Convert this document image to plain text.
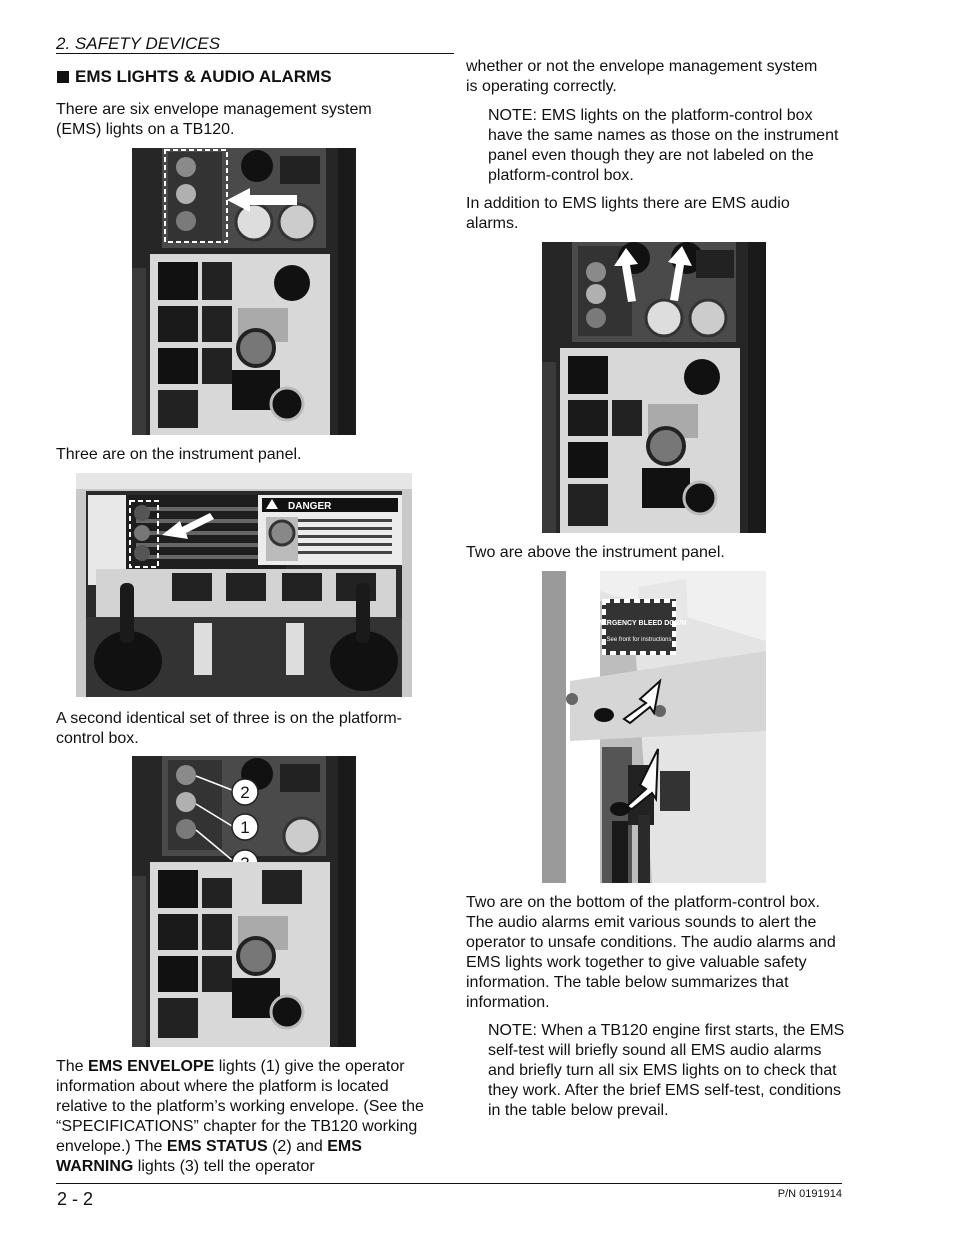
2. SAFETY DEVICES
EMS LIGHTS & AUDIO ALARMS
There are six envelope management system (EMS) lights on a TB120.
Three are on the instrument panel.
DANGER
A second identical set of three is on the platform-control box.
2
1
The EMS ENVELOPE lights (1) give the operator information about where the platform is located relative to the platform’s working envelope. (See the “SPECIFICATIONS” chapter for the TB120 working envelope.) The EMS STATUS (2) and EMS WARNING lights (3) tell the operator
whether or not the envelope management system is operating correctly.
NOTE: EMS lights on the platform-control box have the same names as those on the instrument panel even though they are not labeled on the platform-control box.
In addition to EMS lights there are EMS audio alarms.
Two are above the instrument panel.
EMERGENCY BLEED DOWN
See front for instructions
Two are on the bottom of the platform-control box. The audio alarms emit various sounds to alert the operator to unsafe conditions. The audio alarms and EMS lights work together to give valuable safety information. The table below summarizes that information.
NOTE: When a TB120 engine first starts, the EMS self-test will briefly sound all EMS audio alarms and briefly turn all six EMS lights on to check that they work. After the brief EMS self-test, conditions in the table below prevail.
2 - 2	P/N 0191914
